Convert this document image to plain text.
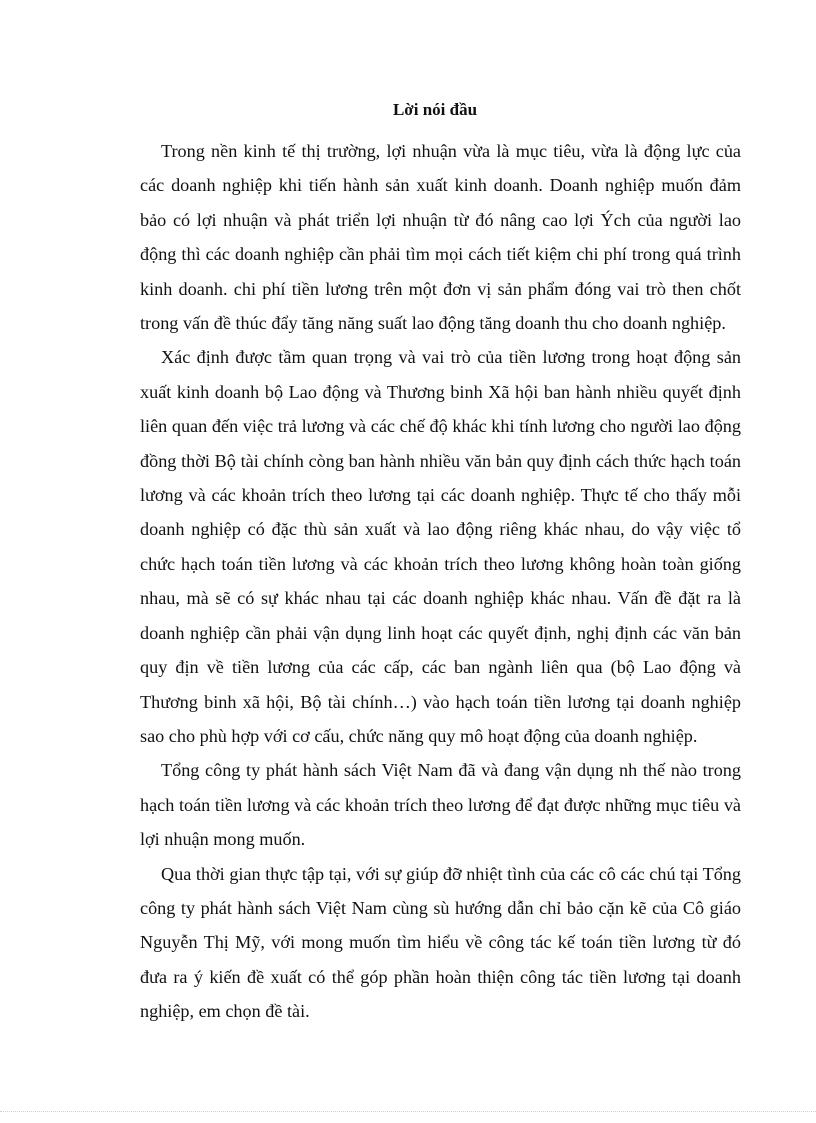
Lời nói đầu

Trong nền kinh tế thị trường, lợi nhuận vừa là mục tiêu, vừa là động lực của các doanh nghiệp khi tiến hành sản xuất kinh doanh. Doanh nghiệp muốn đảm bảo có lợi nhuận và phát triển lợi nhuận từ đó nâng cao lợi Ých của người lao động thì các doanh nghiệp cần phải tìm mọi cách tiết kiệm chi phí trong quá trình kinh doanh. chi phí tiền lương trên một đơn vị sản phẩm đóng vai trò then chốt trong vấn đề thúc đẩy tăng năng suất lao động tăng doanh thu cho doanh nghiệp.

Xác định được tầm quan trọng và vai trò của tiền lương trong hoạt động sản xuất kinh doanh bộ Lao động và Thương binh Xã hội ban hành nhiều quyết định liên quan đến việc trả lương và các chế độ khác khi tính lương cho người lao động đồng thời Bộ tài chính còng ban hành nhiều văn bản quy định cách thức hạch toán lương và các khoản trích theo lương tại các doanh nghiệp. Thực tế cho thấy mỗi doanh nghiệp có đặc thù sản xuất và lao động riêng khác nhau, do vậy việc tổ chức hạch toán tiền lương và các khoản trích theo lương không hoàn toàn giống nhau, mà sẽ có sự khác nhau tại các doanh nghiệp khác nhau. Vấn đề đặt ra là doanh nghiệp cần phải vận dụng linh hoạt các quyết định, nghị định các văn bản quy địn về tiền lương của các cấp, các ban ngành liên qua (bộ Lao động và Thương binh xã hội, Bộ tài chính…) vào hạch toán tiền lương tại doanh nghiệp sao cho phù hợp với cơ cấu, chức năng quy mô hoạt động của doanh nghiệp.

Tổng công ty phát hành sách Việt Nam đã và đang vận dụng nh thế nào trong hạch toán tiền lương và các khoản trích theo lương để đạt được những mục tiêu và lợi nhuận mong muốn.

Qua thời gian thực tập tại, với sự giúp đỡ nhiệt tình của các cô các chú tại Tổng công ty phát hành sách Việt Nam cùng sù hướng dẫn chỉ bảo cặn kẽ của Cô giáo Nguyễn Thị Mỹ, với mong muốn tìm hiểu về công tác kế toán tiền lương từ đó đưa ra ý kiến đề xuất có thể góp phần hoàn thiện công tác tiền lương tại doanh nghiệp, em chọn đề tài.
